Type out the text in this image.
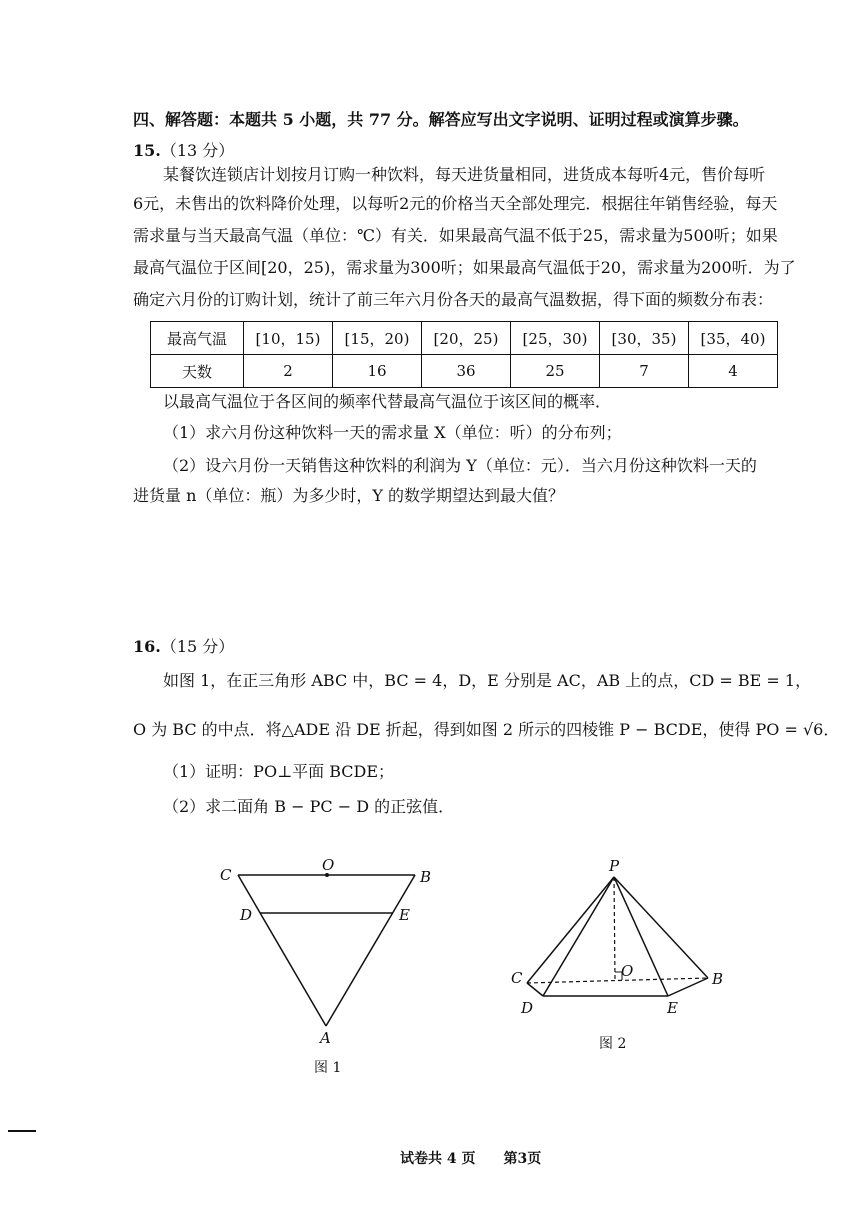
四、解答题：本题共 5 小题，共 77 分。解答应写出文字说明、证明过程或演算步骤。
15.（13 分）
某餐饮连锁店计划按月订购一种饮料，每天进货量相同，进货成本每听4元，售价每听
6元，未售出的饮料降价处理，以每听2元的价格当天全部处理完．根据往年销售经验，每天
需求量与当天最高气温（单位：℃）有关．如果最高气温不低于25，需求量为500听；如果
最高气温位于区间[20，25)，需求量为300听；如果最高气温低于20，需求量为200听．为了
确定六月份的订购计划，统计了前三年六月份各天的最高气温数据，得下面的频数分布表：
最高气温	[10，15)	[15，20)	[20，25)	[25，30)	[30，35)	[35，40)
天数	2	16	36	25	7	4
以最高气温位于各区间的频率代替最高气温位于该区间的概率．
（1）求六月份这种饮料一天的需求量 X（单位：听）的分布列；
（2）设六月份一天销售这种饮料的利润为 Y（单位：元）．当六月份这种饮料一天的
进货量 n（单位：瓶）为多少时，Y 的数学期望达到最大值？
16.（15 分）
如图 1，在正三角形 ABC 中，BC = 4，D，E 分别是 AC，AB 上的点，CD = BE = 1，
O 为 BC 的中点．将△ADE 沿 DE 折起，得到如图 2 所示的四棱锥 P − BCDE，使得 PO = √6．
（1）证明：PO⊥平面 BCDE；
（2）求二面角 B − PC − D 的正弦值．
C
O
B
D	E
A
图 1
P
O
C	B
D	E
图 2
试卷共 4 页 第3页
